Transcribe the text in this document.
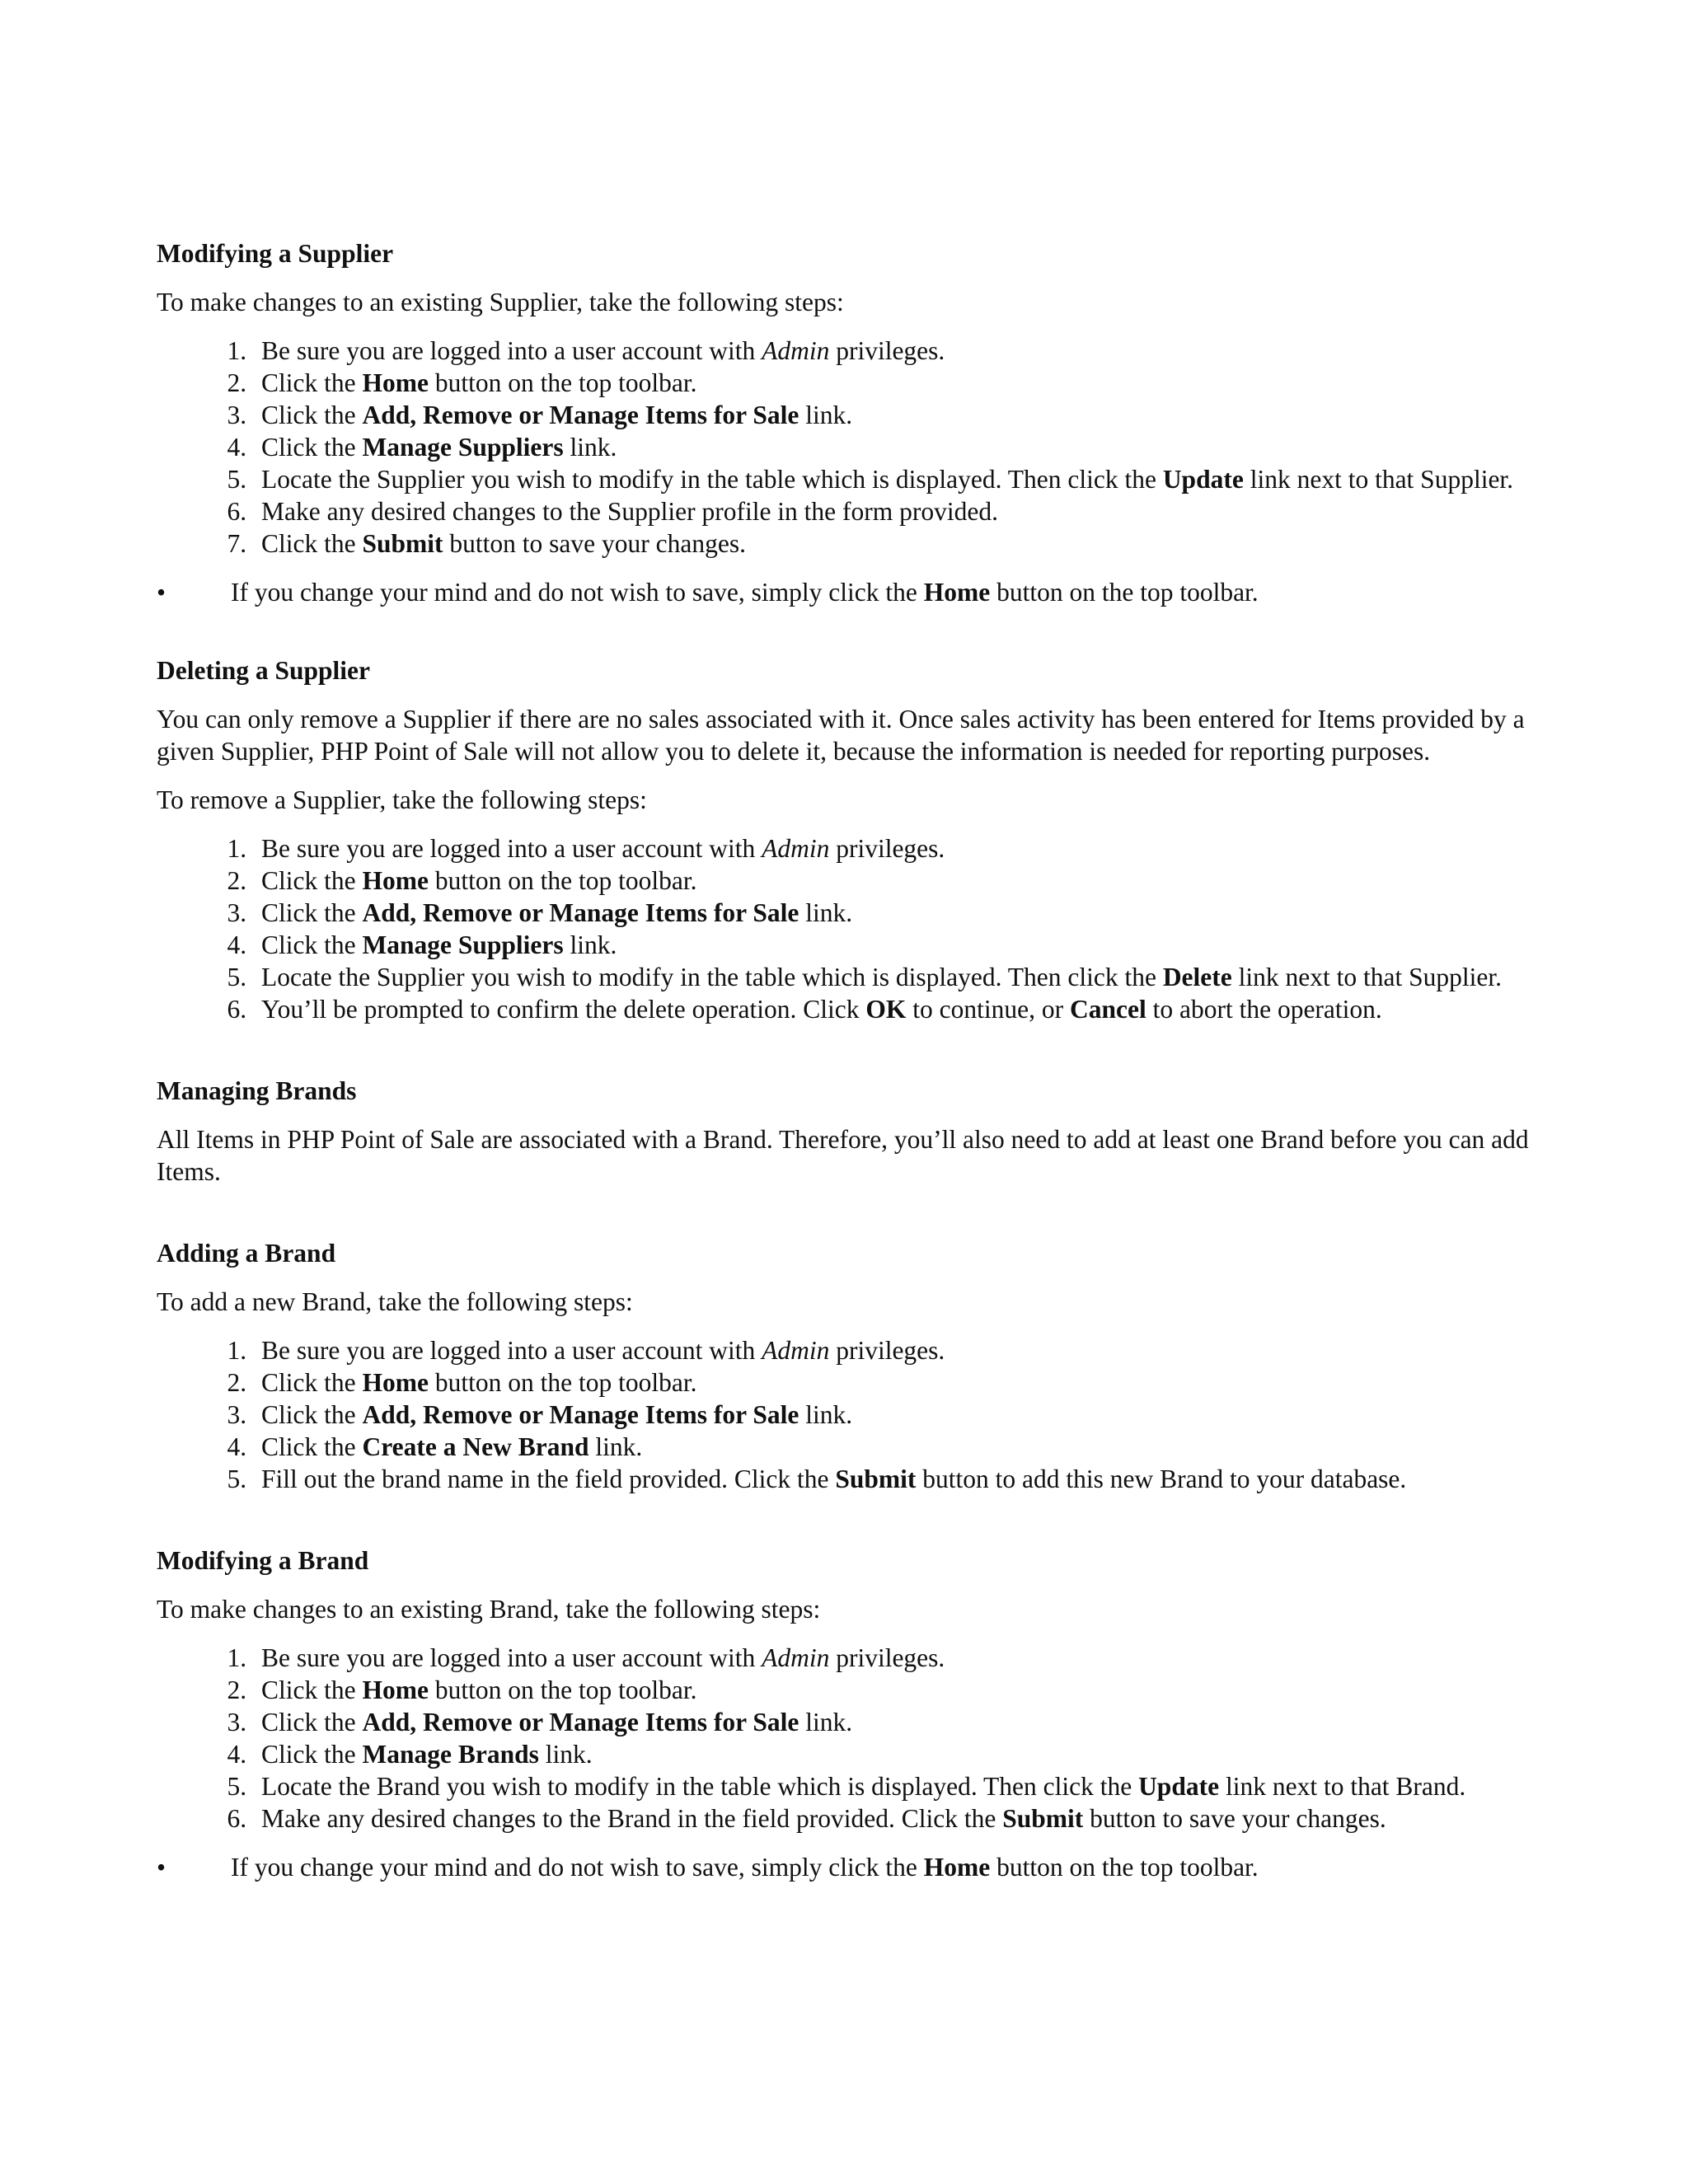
Modifying a Supplier

To make changes to an existing Supplier, take the following steps:

1. Be sure you are logged into a user account with Admin privileges.
2. Click the Home button on the top toolbar.
3. Click the Add, Remove or Manage Items for Sale link.
4. Click the Manage Suppliers link.
5. Locate the Supplier you wish to modify in the table which is displayed. Then click the Update link next to that Supplier.
6. Make any desired changes to the Supplier profile in the form provided.
7. Click the Submit button to save your changes.
•	If you change your mind and do not wish to save, simply click the Home button on the top toolbar.
Deleting a Supplier

You can only remove a Supplier if there are no sales associated with it. Once sales activity has been entered for Items provided by a given Supplier, PHP Point of Sale will not allow you to delete it, because the information is needed for reporting purposes.

To remove a Supplier, take the following steps:

1. Be sure you are logged into a user account with Admin privileges.
2. Click the Home button on the top toolbar.
3. Click the Add, Remove or Manage Items for Sale link.
4. Click the Manage Suppliers link.
5. Locate the Supplier you wish to modify in the table which is displayed. Then click the Delete link next to that Supplier.
6. You’ll be prompted to confirm the delete operation. Click OK to continue, or Cancel to abort the operation.
Managing Brands

All Items in PHP Point of Sale are associated with a Brand. Therefore, you’ll also need to add at least one Brand before you can add Items.

Adding a Brand

To add a new Brand, take the following steps:

1. Be sure you are logged into a user account with Admin privileges.
2. Click the Home button on the top toolbar.
3. Click the Add, Remove or Manage Items for Sale link.
4. Click the Create a New Brand link.
5. Fill out the brand name in the field provided. Click the Submit button to add this new Brand to your database.
Modifying a Brand

To make changes to an existing Brand, take the following steps:

1. Be sure you are logged into a user account with Admin privileges.
2. Click the Home button on the top toolbar.
3. Click the Add, Remove or Manage Items for Sale link.
4. Click the Manage Brands link.
5. Locate the Brand you wish to modify in the table which is displayed. Then click the Update link next to that Brand.
6. Make any desired changes to the Brand in the field provided. Click the Submit button to save your changes.
•	If you change your mind and do not wish to save, simply click the Home button on the top toolbar.
